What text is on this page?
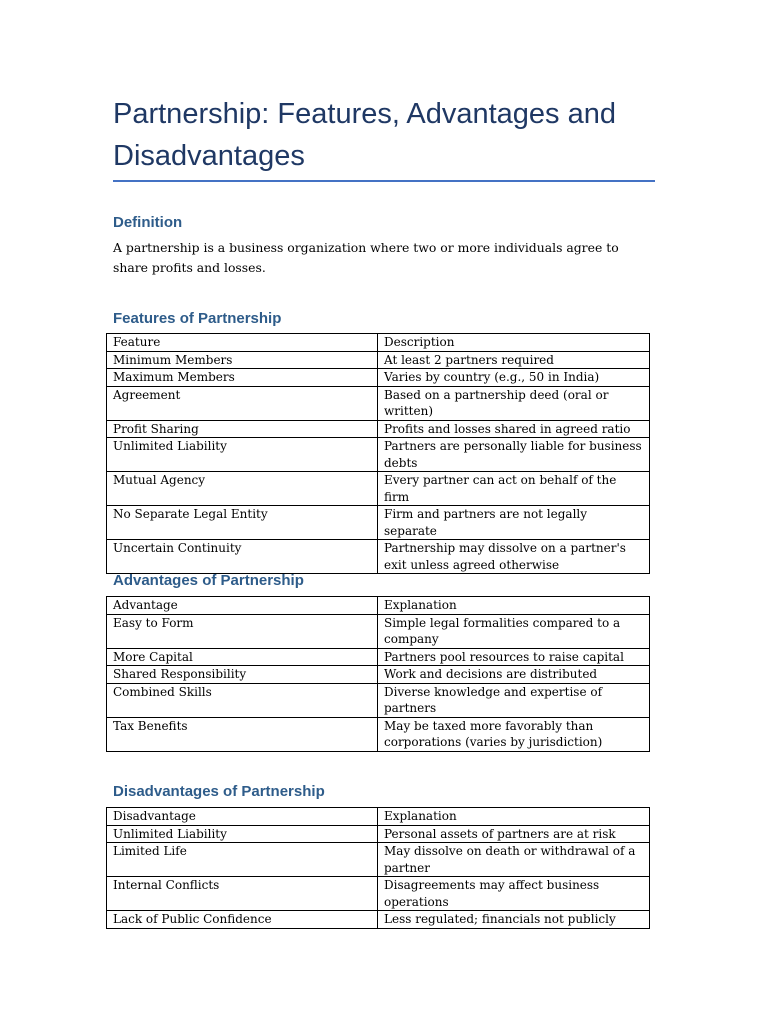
Partnership: Features, Advantages and Disadvantages
Definition

A partnership is a business organization where two or more individuals agree to share profits and losses.

Features of Partnership
Feature	Description
Minimum Members	At least 2 partners required
Maximum Members	Varies by country (e.g., 50 in India)
Agreement	Based on a partnership deed (oral or written)
Profit Sharing	Profits and losses shared in agreed ratio
Unlimited Liability	Partners are personally liable for business debts
Mutual Agency	Every partner can act on behalf of the firm
No Separate Legal Entity	Firm and partners are not legally separate
Uncertain Continuity	Partnership may dissolve on a partner's exit unless agreed otherwise
Advantages of Partnership
Advantage	Explanation
Easy to Form	Simple legal formalities compared to a company
More Capital	Partners pool resources to raise capital
Shared Responsibility	Work and decisions are distributed
Combined Skills	Diverse knowledge and expertise of partners
Tax Benefits	May be taxed more favorably than corporations (varies by jurisdiction)
Disadvantages of Partnership
Disadvantage	Explanation
Unlimited Liability	Personal assets of partners are at risk
Limited Life	May dissolve on death or withdrawal of a partner
Internal Conflicts	Disagreements may affect business operations
Lack of Public Confidence	Less regulated; financials not publicly
